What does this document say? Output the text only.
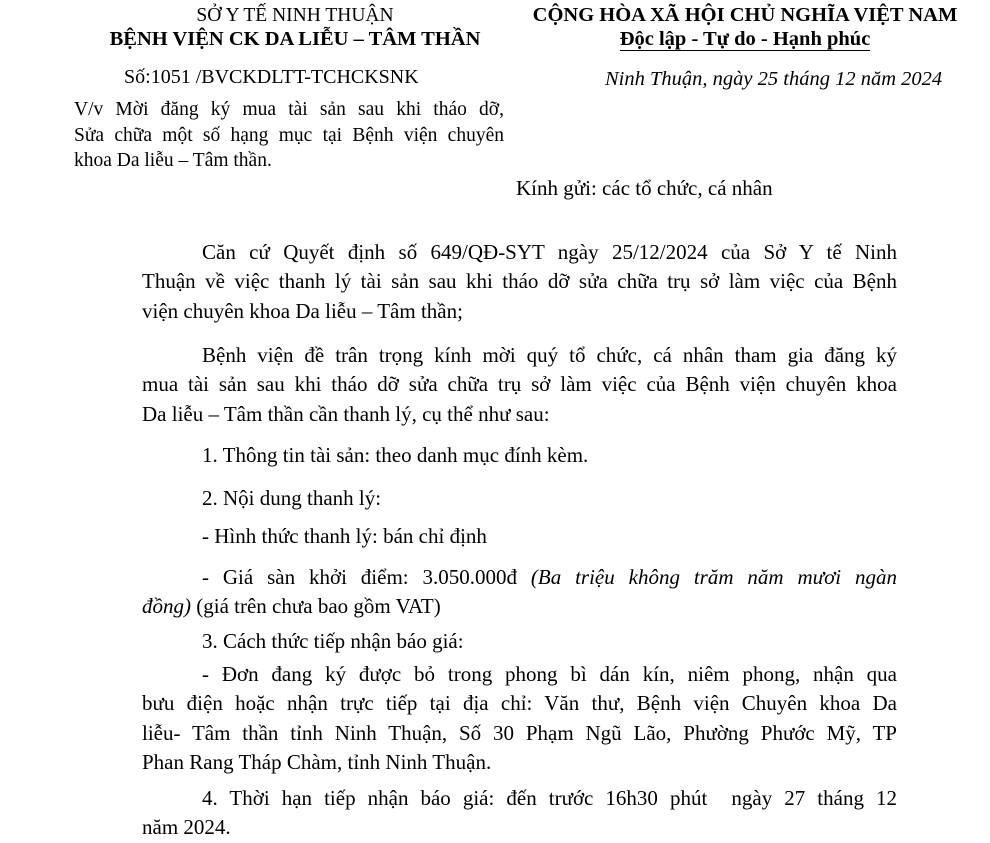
SỞ Y TẾ NINH THUẬN
BỆNH VIỆN CK DA LIỄU – TÂM THẦN
CỘNG HÒA XÃ HỘI CHỦ NGHĨA VIỆT NAM
Độc lập - Tự do - Hạnh phúc
Số:1051 /BVCKDLTT-TCHCKSNK	Ninh Thuận, ngày 25 tháng 12 năm 2024
V/v Mời đăng ký mua tài sản sau khi tháo dỡ,
Sửa chữa một số hạng mục tại Bệnh viện chuyên
khoa Da liễu – Tâm thần.
Kính gửi: các tổ chức, cá nhân
Căn cứ Quyết định số 649/QĐ-SYT ngày 25/12/2024 của Sở Y tế Ninh
Thuận về việc thanh lý tài sản sau khi tháo dỡ sửa chữa trụ sở làm việc của Bệnh
viện chuyên khoa Da liễu – Tâm thần;
Bệnh viện đề trân trọng kính mời quý tổ chức, cá nhân tham gia đăng ký
mua tài sản sau khi tháo dỡ sửa chữa trụ sở làm việc của Bệnh viện chuyên khoa
Da liễu – Tâm thần cần thanh lý, cụ thể như sau:
1. Thông tin tài sản: theo danh mục đính kèm.
2. Nội dung thanh lý:
- Hình thức thanh lý: bán chỉ định
- Giá sàn khởi điểm: 3.050.000đ (Ba triệu không trăm năm mươi ngàn
đồng) (giá trên chưa bao gồm VAT)
3. Cách thức tiếp nhận báo giá:
- Đơn đang ký được bỏ trong phong bì dán kín, niêm phong, nhận qua
bưu điện hoặc nhận trực tiếp tại địa chỉ: Văn thư, Bệnh viện Chuyên khoa Da
liễu- Tâm thần tỉnh Ninh Thuận, Số 30 Phạm Ngũ Lão, Phường Phước Mỹ, TP
Phan Rang Tháp Chàm, tỉnh Ninh Thuận.
4. Thời hạn tiếp nhận báo giá: đến trước 16h30 phút  ngày 27 tháng 12
năm 2024.
